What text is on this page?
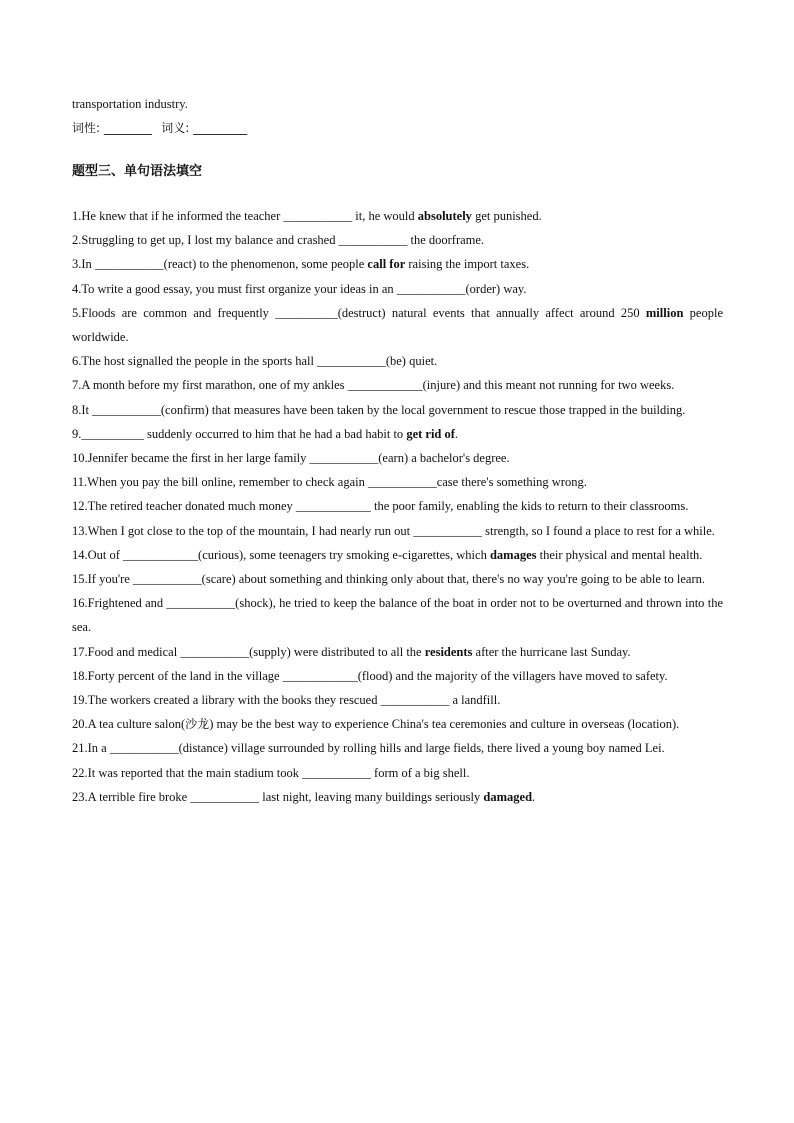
transportation industry.

词性: ________ 词义: _________

题型三、单句语法填空

1.He knew that if he informed the teacher ___________ it, he would absolutely get punished.

2.Struggling to get up, I lost my balance and crashed ___________ the doorframe.

3.In ___________(react) to the phenomenon, some people call for raising the import taxes.

4.To write a good essay, you must first organize your ideas in an ___________(order) way.

5.Floods are common and frequently __________(destruct) natural events that annually affect around 250 million people worldwide.

6.The host signalled the people in the sports hall ___________(be) quiet.

7.A month before my first marathon, one of my ankles ____________(injure) and this meant not running for two weeks.

8.It ___________(confirm) that measures have been taken by the local government to rescue those trapped in the building.

9.__________ suddenly occurred to him that he had a bad habit to get rid of.

10.Jennifer became the first in her large family ___________(earn) a bachelor's degree.

11.When you pay the bill online, remember to check again ___________case there's something wrong.

12.The retired teacher donated much money ____________ the poor family, enabling the kids to return to their classrooms.

13.When I got close to the top of the mountain, I had nearly run out ___________ strength, so I found a place to rest for a while.

14.Out of ____________(curious), some teenagers try smoking e-cigarettes, which damages their physical and mental health.

15.If you're ___________(scare) about something and thinking only about that, there's no way you're going to be able to learn.

16.Frightened and ___________(shock), he tried to keep the balance of the boat in order not to be overturned and thrown into the sea.

17.Food and medical ___________(supply) were distributed to all the residents after the hurricane last Sunday.

18.Forty percent of the land in the village ____________(flood) and the majority of the villagers have moved to safety.

19.The workers created a library with the books they rescued ___________ a landfill.

20.A tea culture salon(沙龙) may be the best way to experience China's tea ceremonies and culture in overseas (location).

21.In a ___________(distance) village surrounded by rolling hills and large fields, there lived a young boy named Lei.

22.It was reported that the main stadium took ___________ form of a big shell.

23.A terrible fire broke ___________ last night, leaving many buildings seriously damaged.
